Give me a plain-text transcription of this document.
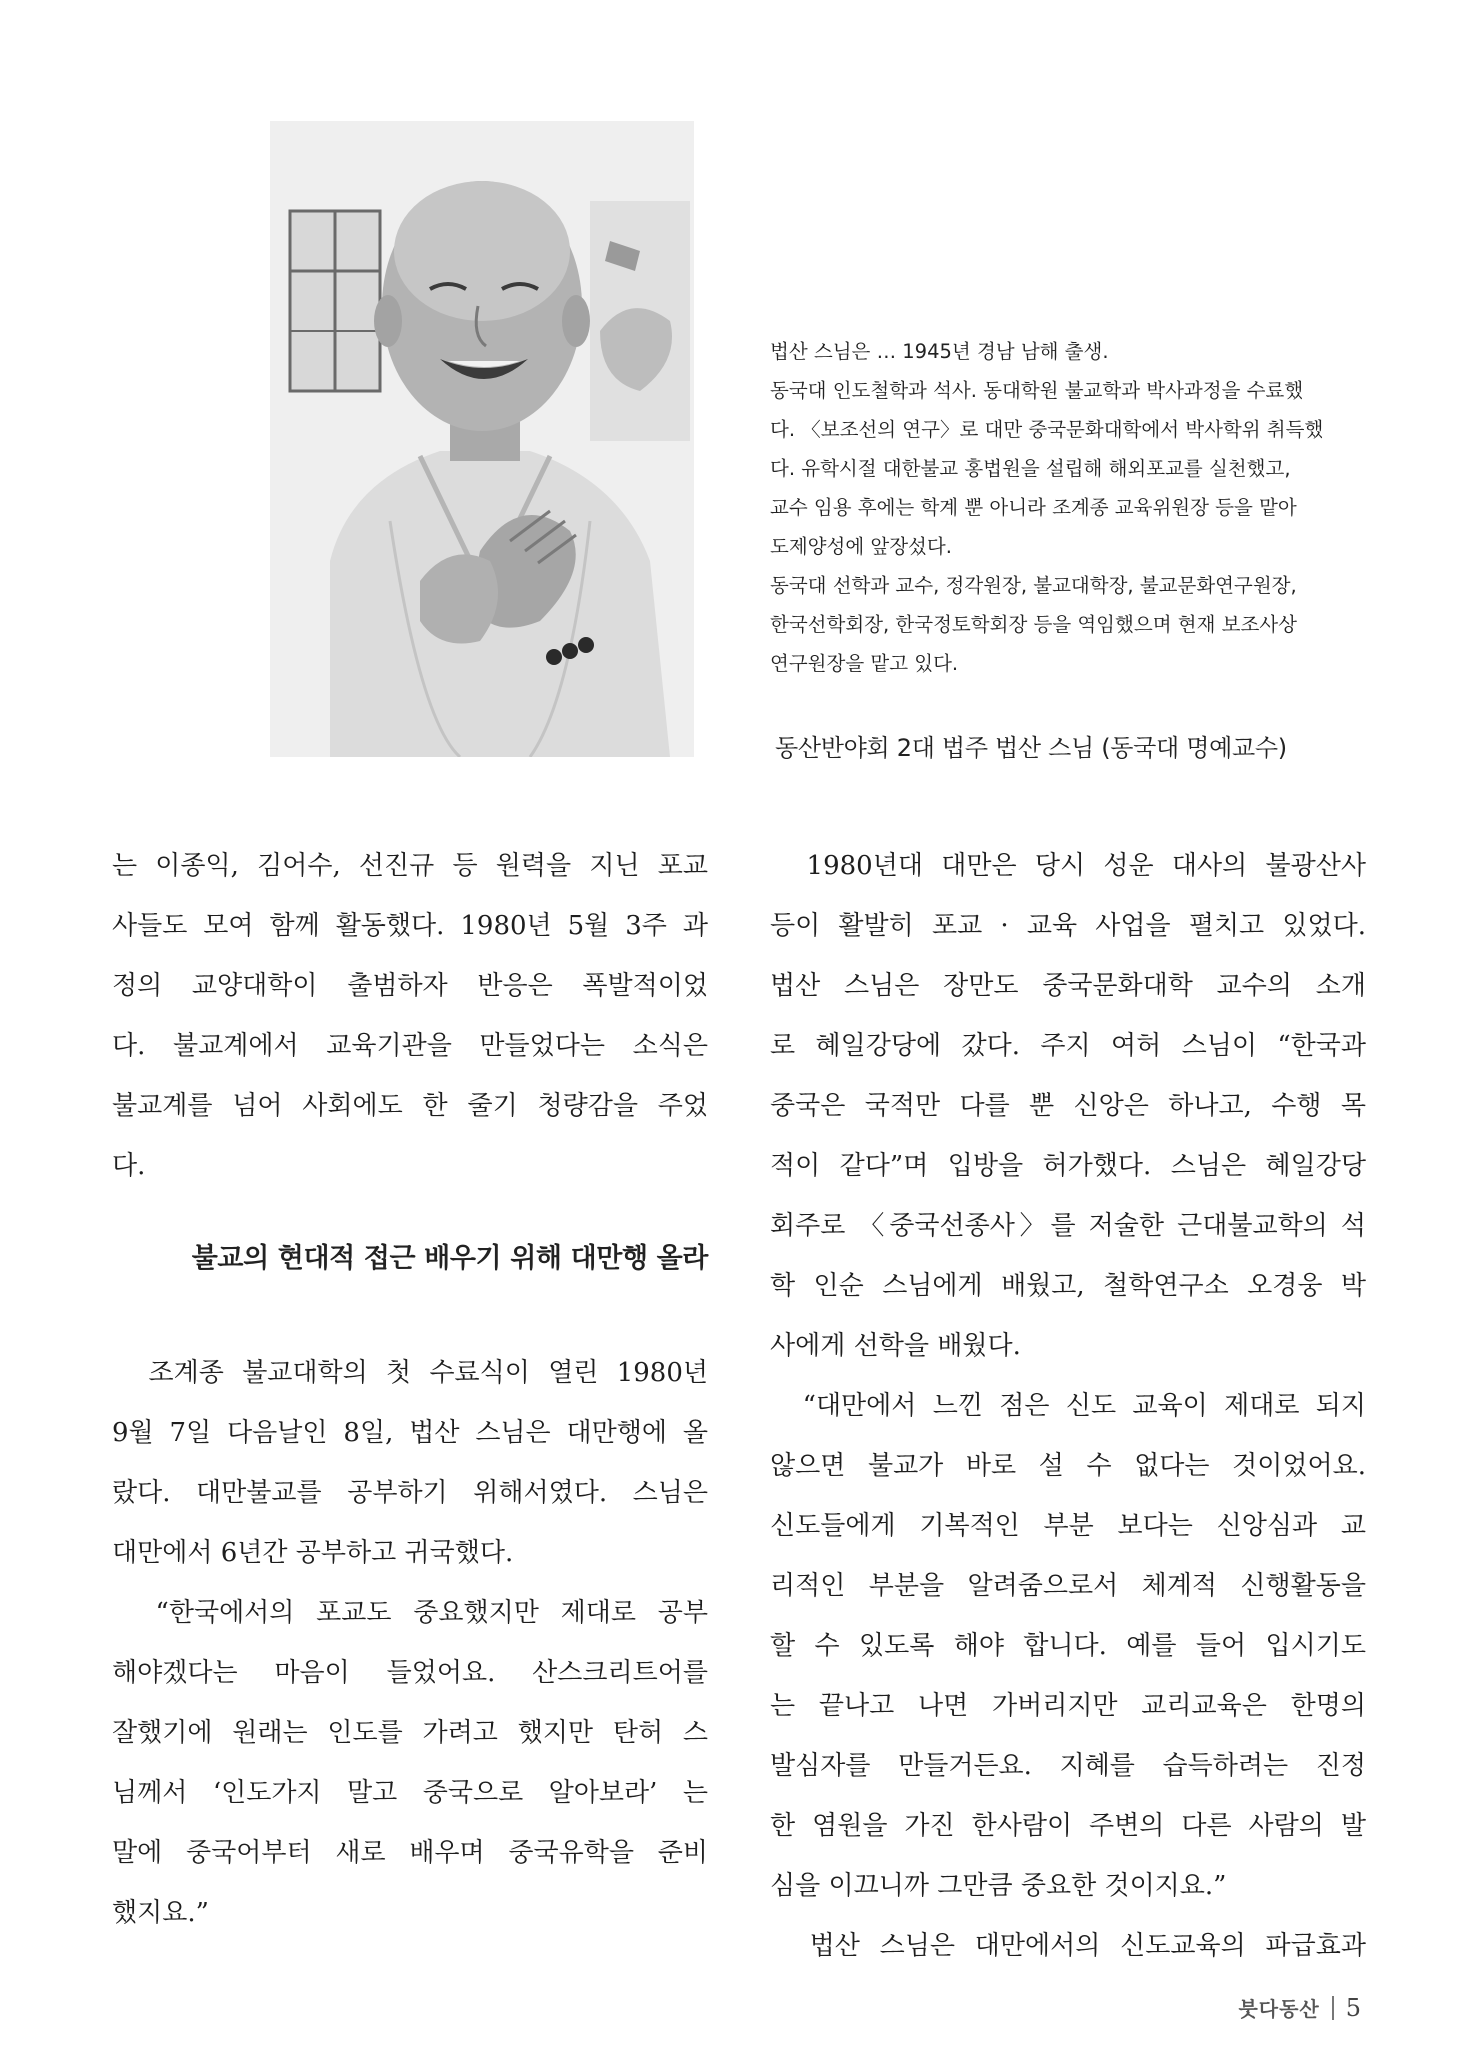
법산 스님은 … 1945년 경남 남해 출생.
동국대 인도철학과 석사. 동대학원 불교학과 박사과정을 수료했
다. 〈보조선의 연구〉로 대만 중국문화대학에서 박사학위 취득했
다. 유학시절 대한불교 홍법원을 설립해 해외포교를 실천했고,
교수 임용 후에는 학계 뿐 아니라 조계종 교육위원장 등을 맡아
도제양성에 앞장섰다.
동국대 선학과 교수, 정각원장, 불교대학장, 불교문화연구원장,
한국선학회장, 한국정토학회장 등을 역임했으며 현재 보조사상
연구원장을 맡고 있다.
동산반야회 2대 법주 법산 스님 (동국대 명예교수)
는 이종익, 김어수, 선진규 등 원력을 지닌 포교
사들도 모여 함께 활동했다. 1980년 5월 3주 과
정의 교양대학이 출범하자 반응은 폭발적이었
다. 불교계에서 교육기관을 만들었다는 소식은
불교계를 넘어 사회에도 한 줄기 청량감을 주었
다.
불교의 현대적 접근 배우기 위해 대만행 올라
조계종 불교대학의 첫 수료식이 열린 1980년
9월 7일 다음날인 8일, 법산 스님은 대만행에 올
랐다. 대만불교를 공부하기 위해서였다. 스님은
대만에서 6년간 공부하고 귀국했다.
“한국에서의 포교도 중요했지만 제대로 공부
해야겠다는 마음이 들었어요. 산스크리트어를
잘했기에 원래는 인도를 가려고 했지만 탄허 스
님께서 ‘인도가지 말고 중국으로 알아보라’ 는
말에 중국어부터 새로 배우며 중국유학을 준비
했지요.”
1980년대 대만은 당시 성운 대사의 불광산사
등이 활발히 포교 · 교육 사업을 펼치고 있었다.
법산 스님은 장만도 중국문화대학 교수의 소개
로 혜일강당에 갔다. 주지 여허 스님이 “한국과
중국은 국적만 다를 뿐 신앙은 하나고, 수행 목
적이 같다”며 입방을 허가했다. 스님은 혜일강당
회주로 〈중국선종사〉를 저술한 근대불교학의 석
학 인순 스님에게 배웠고, 철학연구소 오경웅 박
사에게 선학을 배웠다.
“대만에서 느낀 점은 신도 교육이 제대로 되지
않으면 불교가 바로 설 수 없다는 것이었어요.
신도들에게 기복적인 부분 보다는 신앙심과 교
리적인 부분을 알려줌으로서 체계적 신행활동을
할 수 있도록 해야 합니다. 예를 들어 입시기도
는 끝나고 나면 가버리지만 교리교육은 한명의
발심자를 만들거든요. 지혜를 습득하려는 진정
한 염원을 가진 한사람이 주변의 다른 사람의 발
심을 이끄니까 그만큼 중요한 것이지요.”
법산 스님은 대만에서의 신도교육의 파급효과
붓다동산 5
